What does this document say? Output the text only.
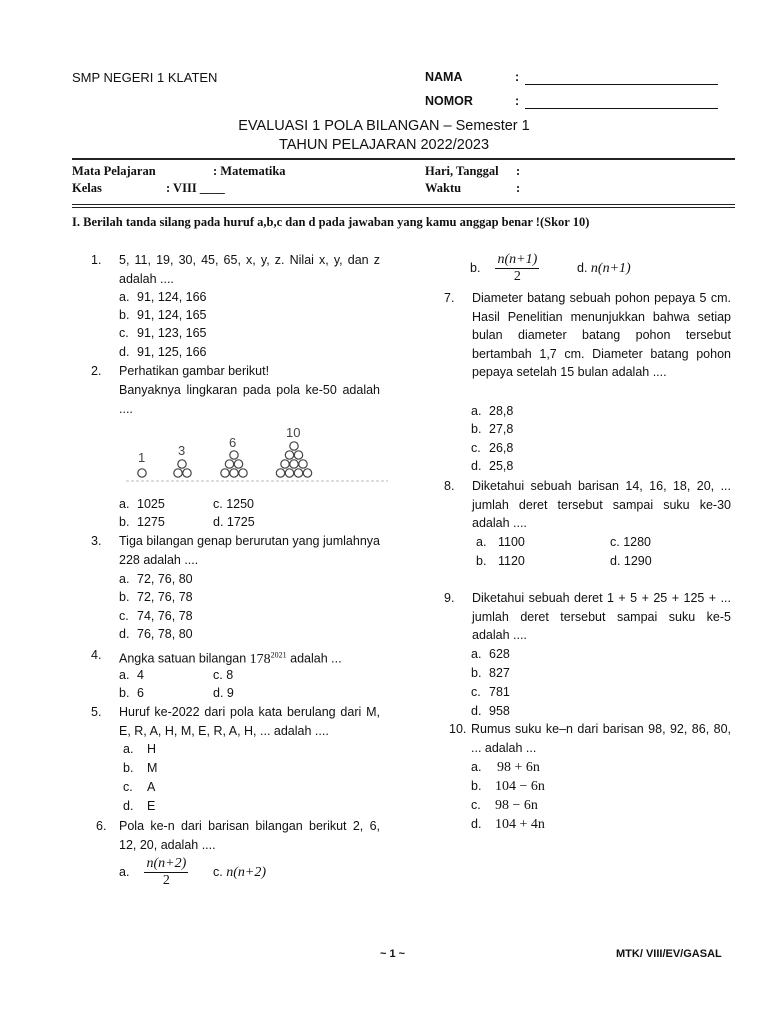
SMP NEGERI 1 KLATEN	NAMA	:
NOMOR	:
EVALUASI 1 POLA BILANGAN – Semester 1
TAHUN PELAJARAN 2022/2023
Mata Pelajaran	: Matematika
Kelas	: VIII ____
Hari, Tanggal :
Waktu	:
I. Berilah tanda silang pada huruf a,b,c dan d pada jawaban yang kamu anggap benar !(Skor 10)
1. 5, 11, 19, 30, 45, 65, x, y, z. Nilai x, y, dan z adalah ....
a. 91, 124, 166
b. 91, 124, 165
c. 91, 123, 165
d. 91, 125, 166
2. Perhatikan gambar berikut!
Banyaknya lingkaran pada pola ke-50 adalah ....
1	3
6
10
a. 1025	c. 1250
b. 1275	d. 1725
3. Tiga bilangan genap berurutan yang jumlahnya 228 adalah ....
a. 72, 76, 80
b. 72, 76, 78
c. 74, 76, 78
d. 76, 78, 80
4. Angka satuan bilangan $178^{2021}$ adalah ...
a. 4	c. 8
b. 6	d. 9
5. Huruf ke-2022 dari pola kata berulang dari M, E, R, A, H, M, E, R, A, H, ... adalah ....
a. H
b. M
c. A
d. E
6. Pola ke-n dari barisan bilangan berikut 2, 6, 12, 20, adalah ....
a. $\frac{n(n+2)}{2} c$. n(n+2)
b. $\frac{n(n+1)}{2}$	d. n(n+1)
7. Diameter batang sebuah pohon pepaya 5 cm. Hasil Penelitian menunjukkan bahwa setiap bulan diameter batang pohon tersebut bertambah 1,7 cm. Diameter batang pohon pepaya setelah 15 bulan adalah ....
a. 28,8
b. 27,8
c. 26,8
d. 25,8
8. Diketahui sebuah barisan 14, 16, 18, 20, ... jumlah deret tersebut sampai suku ke-30 adalah ....
a. 1100	c. 1280
b. 1120	d. 1290
9. Diketahui sebuah deret 1 + 5 + 25 + 125 + ... jumlah deret tersebut sampai suku ke-5 adalah ....
a. 628
b. 827
c. 781
d. 958
10. Rumus suku ke–n dari barisan 98, 92, 86, 80, ... adalah ...
a. 98 + 6n
b. 104 − 6n
c. 98 − 6n
d. 104 + 4n
~ 1 ~	MTK/ VIII/EV/GASAL
